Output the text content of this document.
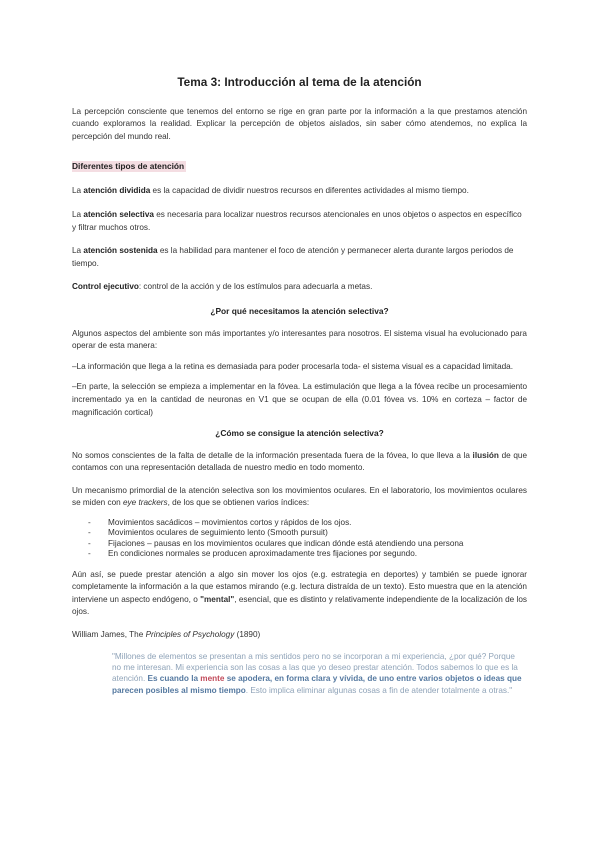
Tema 3: Introducción al tema de la atención

La percepción consciente que tenemos del entorno se rige en gran parte por la información a la que prestamos atención cuando exploramos la realidad. Explicar la percepción de objetos aislados, sin saber cómo atendemos, no explica la percepción del mundo real.

Diferentes tipos de atención

La atención dividida es la capacidad de dividir nuestros recursos en diferentes actividades al mismo tiempo.

La atención selectiva es necesaria para localizar nuestros recursos atencionales en unos objetos o aspectos en específico y filtrar muchos otros.

La atención sostenida es la habilidad para mantener el foco de atención y permanecer alerta durante largos periodos de tiempo.

Control ejecutivo: control de la acción y de los estímulos para adecuarla a metas.

¿Por qué necesitamos la atención selectiva?

Algunos aspectos del ambiente son más importantes y/o interesantes para nosotros. El sistema visual ha evolucionado para operar de esta manera:

–La información que llega a la retina es demasiada para poder procesarla toda- el sistema visual es a capacidad limitada.

–En parte, la selección se empieza a implementar en la fóvea. La estimulación que llega a la fóvea recibe un procesamiento incrementado ya en la cantidad de neuronas en V1 que se ocupan de ella (0.01 fóvea vs. 10% en corteza – factor de magnificación cortical)

¿Cómo se consigue la atención selectiva?

No somos conscientes de la falta de detalle de la información presentada fuera de la fóvea, lo que lleva a la ilusión de que contamos con una representación detallada de nuestro medio en todo momento.

Un mecanismo primordial de la atención selectiva son los movimientos oculares. En el laboratorio, los movimientos oculares se miden con eye trackers, de los que se obtienen varios índices:

- Movimientos sacádicos – movimientos cortos y rápidos de los ojos.
- Movimientos oculares de seguimiento lento (Smooth pursuit)
- Fijaciones – pausas en los movimientos oculares que indican dónde está atendiendo una persona
- En condiciones normales se producen aproximadamente tres fijaciones por segundo.

Aún así, se puede prestar atención a algo sin mover los ojos (e.g. estrategia en deportes) y también se puede ignorar completamente la información a la que estamos mirando (e.g. lectura distraída de un texto). Esto muestra que en la atención interviene un aspecto endógeno, o "mental", esencial, que es distinto y relativamente independiente de la localización de los ojos.

William James, The Principles of Psychology (1890)

"Millones de elementos se presentan a mis sentidos pero no se incorporan a mi experiencia, ¿por qué? Porque no me interesan. Mi experiencia son las cosas a las que yo deseo prestar atención. Todos sabemos lo que es la atención. Es cuando la mente se apodera, en forma clara y vívida, de uno entre varios objetos o ideas que parecen posibles al mismo tiempo. Esto implica eliminar algunas cosas a fin de atender totalmente a otras."
